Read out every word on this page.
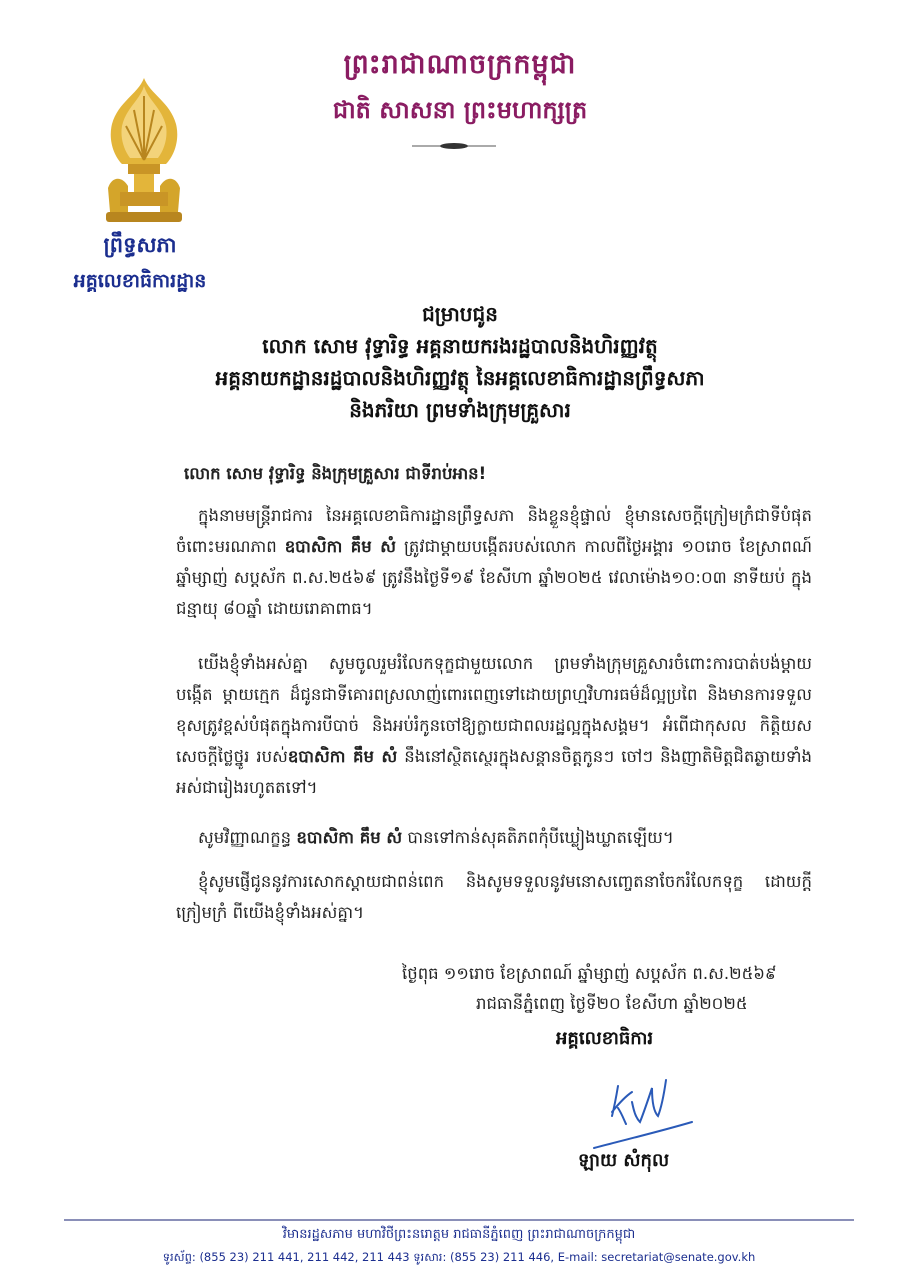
ព្រះរាជាណាចក្រកម្ពុជា
ជាតិ សាសនា ព្រះមហាក្សត្រ
ព្រឹទ្ធសភា
អគ្គលេខាធិការដ្ឋាន
ជម្រាបជូន
លោក សោម វុទ្ធារិទ្ធ អគ្គនាយករងរដ្ឋបាលនិងហិរញ្ញវត្ថុ
អគ្គនាយកដ្ឋានរដ្ឋបាលនិងហិរញ្ញវត្ថុ នៃអគ្គលេខាធិការដ្ឋានព្រឹទ្ធសភា
និងភរិយា ព្រមទាំងក្រុមគ្រួសារ
លោក សោម វុទ្ធារិទ្ធ និងក្រុមគ្រួសារ ជាទីរាប់អាន!

ក្នុងនាមមន្ត្រីរាជការ នៃអគ្គលេខាធិការដ្ឋានព្រឹទ្ធសភា និងខ្លួនខ្ញុំផ្ទាល់ ខ្ញុំមានសេចក្តីក្រៀមក្រំជាទីបំផុតចំពោះមរណភាព ឧបាសិកា គឹម សំ ត្រូវជាម្តាយបង្កើតរបស់លោក កាលពីថ្ងៃអង្គារ ១០រោច ខែស្រាពណ៍ ឆ្នាំម្សាញ់ សប្តស័ក ព.ស.២៥៦៩ ត្រូវនឹងថ្ងៃទី១៩ ខែសីហា ឆ្នាំ២០២៥ វេលាម៉ោង១០:០៣ នាទីយប់ ក្នុងជន្មាយុ ៨០ឆ្នាំ ដោយរោគាពាធ។

យើងខ្ញុំទាំងអស់គ្នា សូមចូលរួមរំលែកទុក្ខជាមួយលោក ព្រមទាំងក្រុមគ្រួសារចំពោះការបាត់បង់ម្តាយបង្កើត ម្តាយក្មេក ដ៏ជូនជាទីគោរពស្រលាញ់ពោរពេញទៅដោយព្រហ្មវិហារធម៌ដ៏ល្អប្រពៃ និងមានការទទួលខុសត្រូវខ្ពស់បំផុតក្នុងការបីបាច់ និងអប់រំកូនចៅឱ្យក្លាយជាពលរដ្ឋល្អក្នុងសង្គម។ អំពើជាកុសល កិត្តិយស សេចក្តីថ្លៃថ្នូរ របស់ឧបាសិកា គឹម សំ នឹងនៅស្ថិតស្ថេរក្នុងសន្តានចិត្តកូនៗ ចៅៗ និងញាតិមិត្តជិតឆ្ងាយទាំងអស់ជារៀងរហូតតទៅ។

សូមវិញ្ញាណក្ខន្ធ ឧបាសិកា គឹម សំ បានទៅកាន់សុគតិភពកុំបីឃ្លៀងឃ្លាតឡើយ។

ខ្ញុំសូមផ្ញើជូននូវការសោកស្តាយជាពន់ពេក និងសូមទទួលនូវមនោសញ្ចេតនាចែករំលែកទុក្ខ ដោយក្តីក្រៀមក្រំ ពីយើងខ្ញុំទាំងអស់គ្នា។

ថ្ងៃពុធ ១១រោច ខែស្រាពណ៍ ឆ្នាំម្សាញ់ សប្តស័ក ព.ស.២៥៦៩
រាជធានីភ្នំពេញ ថ្ងៃទី២០ ខែសីហា ឆ្នាំ២០២៥
អគ្គលេខាធិការ
ឡាយ សំកុល
វិមានរដ្ឋសភាម មហាវិថីព្រះនរោត្តម រាជធានីភ្នំពេញ ព្រះរាជាណាចក្រកម្ពុជា
ទូរស័ព្ទ: (855 23) 211 441, 211 442, 211 443 ទូរសារ: (855 23) 211 446, E-mail: secretariat@senate.gov.kh
